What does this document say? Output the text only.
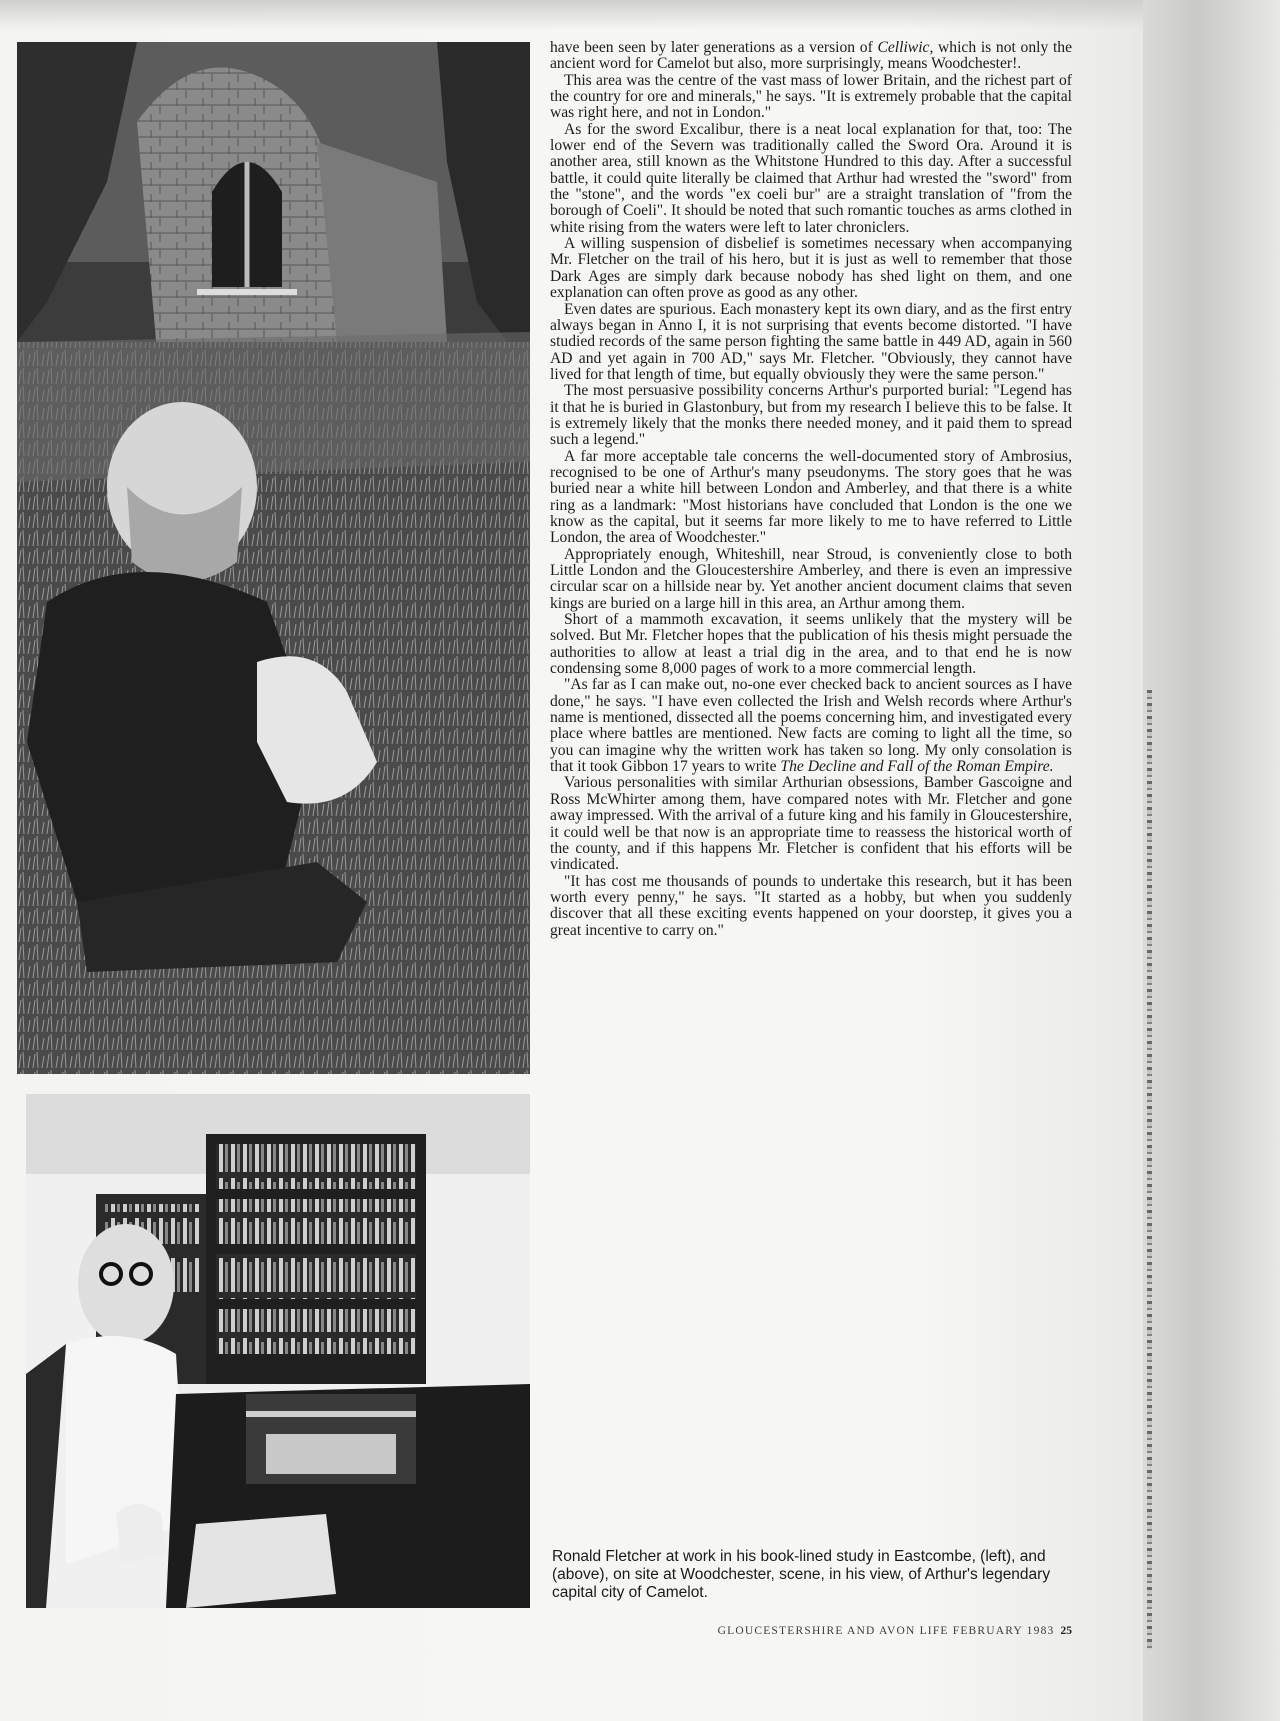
have been seen by later generations as a version of Celliwic, which is not only the ancient word for Camelot but also, more surprisingly, means Woodchester!.

This area was the centre of the vast mass of lower Britain, and the richest part of the country for ore and minerals," he says. "It is extremely probable that the capital was right here, and not in London."

As for the sword Excalibur, there is a neat local explanation for that, too: The lower end of the Severn was traditionally called the Sword Ora. Around it is another area, still known as the Whitstone Hundred to this day. After a successful battle, it could quite literally be claimed that Arthur had wrested the "sword" from the "stone", and the words "ex coeli bur" are a straight translation of "from the borough of Coeli". It should be noted that such romantic touches as arms clothed in white rising from the waters were left to later chroniclers.

A willing suspension of disbelief is sometimes necessary when accompanying Mr. Fletcher on the trail of his hero, but it is just as well to remember that those Dark Ages are simply dark because nobody has shed light on them, and one explanation can often prove as good as any other.

Even dates are spurious. Each monastery kept its own diary, and as the first entry always began in Anno I, it is not surprising that events become distorted. "I have studied records of the same person fighting the same battle in 449 AD, again in 560 AD and yet again in 700 AD," says Mr. Fletcher. "Obviously, they cannot have lived for that length of time, but equally obviously they were the same person."

The most persuasive possibility concerns Arthur's purported burial: "Legend has it that he is buried in Glastonbury, but from my research I believe this to be false. It is extremely likely that the monks there needed money, and it paid them to spread such a legend."

A far more acceptable tale concerns the well-documented story of Ambrosius, recognised to be one of Arthur's many pseudonyms. The story goes that he was buried near a white hill between London and Amberley, and that there is a white ring as a landmark: "Most historians have concluded that London is the one we know as the capital, but it seems far more likely to me to have referred to Little London, the area of Woodchester."

Appropriately enough, Whiteshill, near Stroud, is conveniently close to both Little London and the Gloucestershire Amberley, and there is even an impressive circular scar on a hillside near by. Yet another ancient document claims that seven kings are buried on a large hill in this area, an Arthur among them.

Short of a mammoth excavation, it seems unlikely that the mystery will be solved. But Mr. Fletcher hopes that the publication of his thesis might persuade the authorities to allow at least a trial dig in the area, and to that end he is now condensing some 8,000 pages of work to a more commercial length.

"As far as I can make out, no-one ever checked back to ancient sources as I have done," he says. "I have even collected the Irish and Welsh records where Arthur's name is mentioned, dissected all the poems concerning him, and investigated every place where battles are mentioned. New facts are coming to light all the time, so you can imagine why the written work has taken so long. My only consolation is that it took Gibbon 17 years to write The Decline and Fall of the Roman Empire.

Various personalities with similar Arthurian obsessions, Bamber Gascoigne and Ross McWhirter among them, have compared notes with Mr. Fletcher and gone away impressed. With the arrival of a future king and his family in Gloucestershire, it could well be that now is an appropriate time to reassess the historical worth of the county, and if this happens Mr. Fletcher is confident that his efforts will be vindicated.

"It has cost me thousands of pounds to undertake this research, but it has been worth every penny," he says. "It started as a hobby, but when you suddenly discover that all these exciting events happened on your doorstep, it gives you a great incentive to carry on."

Ronald Fletcher at work in his book-lined study in Eastcombe, (left), and (above), on site at Woodchester, scene, in his view, of Arthur's legendary capital city of Camelot.
GLOUCESTERSHIRE AND AVON LIFE FEBRUARY 1983 25
